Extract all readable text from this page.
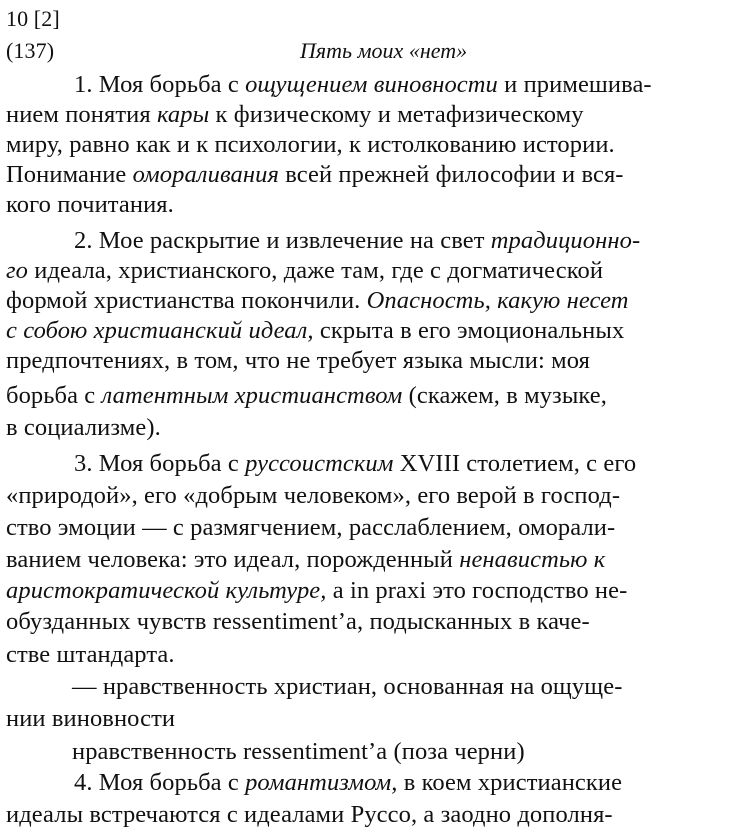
10 [2]
(137)	Пять моих «нет»
1. Моя борьба с ощущением виновности и примешива-
нием понятия кары к физическому и метафизическому
миру, равно как и к психологии, к истолкованию истории.
Понимание омораливания всей прежней философии и вся-
кого почитания.
2. Мое раскрытие и извлечение на свет традиционно-
го идеала, христианского, даже там, где с догматической
формой христианства покончили. Опасность, какую несет
с собою христианский идеал, скрыта в его эмоциональных
предпочтениях, в том, что не требует языка мысли: моя
борьба с латентным христианством (скажем, в музыке,
в социализме).
3. Моя борьба с руссоистским XVIII столетием, с его
«природой», его «добрым человеком», его верой в господ-
ство эмоции — с размягчением, расслаблением, оморали-
ванием человека: это идеал, порожденный ненавистью к
аристократической культуре, а in praxi это господство не-
обузданных чувств ressentiment’а, подысканных в каче-
стве штандарта.
— нравственность христиан, основанная на ощуще-
нии виновности
нравственность ressentiment’а (поза черни)
4. Моя борьба с романтизмом, в коем христианские
идеалы встречаются с идеалами Руссо, а заодно дополня-
